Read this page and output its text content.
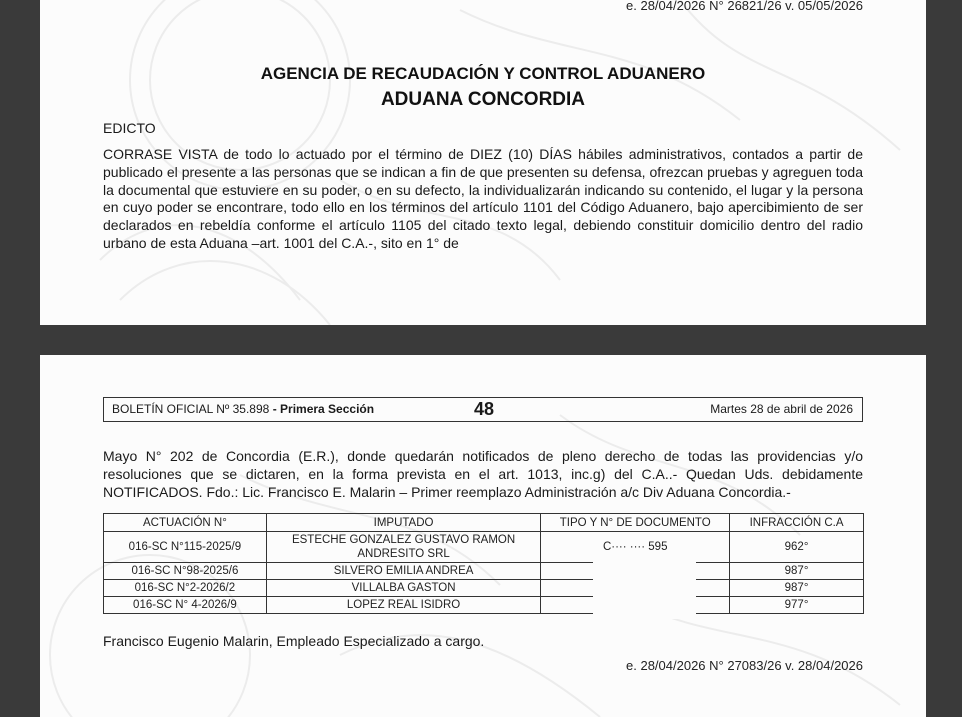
e. 28/04/2026 N° 26821/26 v. 05/05/2026
AGENCIA DE RECAUDACIÓN Y CONTROL ADUANERO
ADUANA CONCORDIA
EDICTO
CORRASE VISTA de todo lo actuado por el término de DIEZ (10) DÍAS hábiles administrativos, contados a partir de publicado el presente a las personas que se indican a fin de que presenten su defensa, ofrezcan pruebas y agreguen toda la documental que estuviere en su poder, o en su defecto, la individualizarán indicando su contenido, el lugar y la persona en cuyo poder se encontrare, todo ello en los términos del artículo 1101 del Código Aduanero, bajo apercibimiento de ser declarados en rebeldía conforme el artículo 1105 del citado texto legal, debiendo constituir domicilio dentro del radio urbano de esta Aduana –art. 1001 del C.A.-, sito en 1° de
BOLETÍN OFICIAL Nº 35.898 - Primera Sección	48	Martes 28 de abril de 2026
Mayo N° 202 de Concordia (E.R.), donde quedarán notificados de pleno derecho de todas las providencias y/o resoluciones que se dictaren, en la forma prevista en el art. 1013, inc.g) del C.A..- Quedan Uds. debidamente NOTIFICADOS. Fdo.: Lic. Francisco E. Malarin – Primer reemplazo Administración a/c Div Aduana Concordia.-
ACTUACIÓN N°	IMPUTADO	TIPO Y N° DE DOCUMENTO	INFRACCIÓN C.A
016-SC N°115-2025/9	ESTECHE GONZALEZ GUSTAVO RAMON ANDRESITO SRL	C···· ···· 595	962°
016-SC N°98-2025/6	SILVERO EMILIA ANDREA		987°
016-SC N°2-2026/2	VILLALBA GASTON		987°
016-SC N° 4-2026/9	LOPEZ REAL ISIDRO		977°
Francisco Eugenio Malarin, Empleado Especializado a cargo.
e. 28/04/2026 N° 27083/26 v. 28/04/2026
